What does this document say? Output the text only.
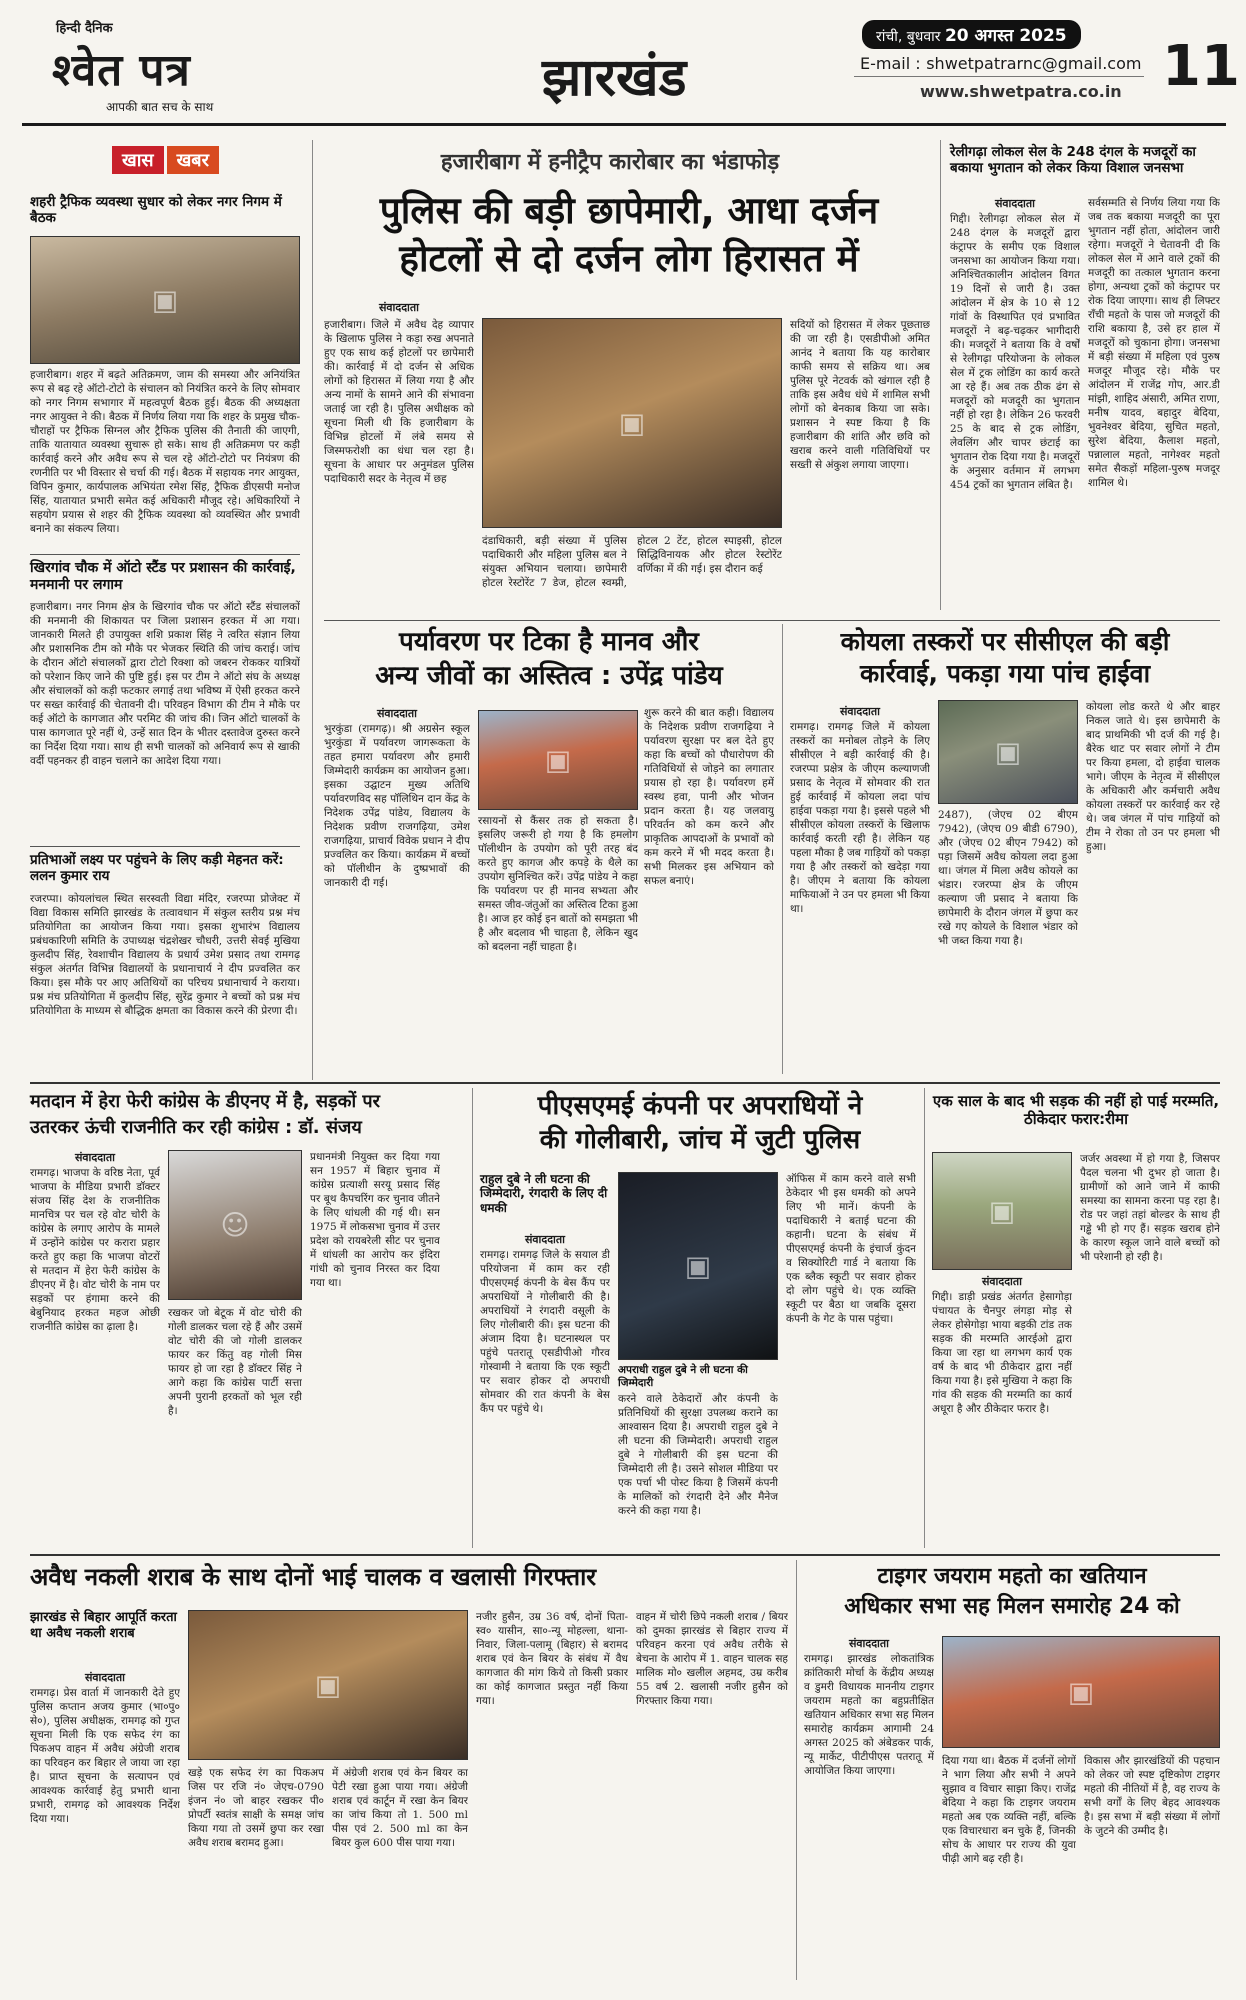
हिन्दी दैनिक
श्वेत पत्र
आपकी बात सच के साथ	झारखंड
रांची, बुधवार 20 अगस्त 2025
E-mail : shwetpatrarnc@gmail.com
www.shwetpatra.co.in 11
खास	खबर
शहरी ट्रैफिक व्यवस्था सुधार को लेकर नगर निगम में बैठक
▣
हजारीबाग। शहर में बढ़ते अतिक्रमण, जाम की समस्या और अनियंत्रित रूप से बढ़ रहे ऑटो-टोटो के संचालन को नियंत्रित करने के लिए सोमवार को नगर निगम सभागार में महत्वपूर्ण बैठक हुई। बैठक की अध्यक्षता नगर आयुक्त ने की। बैठक में निर्णय लिया गया कि शहर के प्रमुख चौक-चौराहों पर ट्रैफिक सिग्नल और ट्रैफिक पुलिस की तैनाती की जाएगी, ताकि यातायात व्यवस्था सुचारू हो सके। साथ ही अतिक्रमण पर कड़ी कार्रवाई करने और अवैध रूप से चल रहे ऑटो-टोटो पर नियंत्रण की रणनीति पर भी विस्तार से चर्चा की गई। बैठक में सहायक नगर आयुक्त, विपिन कुमार, कार्यपालक अभियंता रमेश सिंह, ट्रैफिक डीएसपी मनोज सिंह, यातायात प्रभारी समेत कई अधिकारी मौजूद रहे। अधिकारियों ने सहयोग प्रयास से शहर की ट्रैफिक व्यवस्था को व्यवस्थित और प्रभावी बनाने का संकल्प लिया।
खिरगांव चौक में ऑटो स्टैंड पर प्रशासन की कार्रवाई, मनमानी पर लगाम
हजारीबाग। नगर निगम क्षेत्र के खिरगांव चौक पर ऑटो स्टैंड संचालकों की मनमानी की शिकायत पर जिला प्रशासन हरकत में आ गया। जानकारी मिलते ही उपायुक्त शशि प्रकाश सिंह ने त्वरित संज्ञान लिया और प्रशासनिक टीम को मौके पर भेजकर स्थिति की जांच कराई। जांच के दौरान ऑटो संचालकों द्वारा टोटो रिक्शा को जबरन रोककर यात्रियों को परेशान किए जाने की पुष्टि हुई। इस पर टीम ने ऑटो संघ के अध्यक्ष और संचालकों को कड़ी फटकार लगाई तथा भविष्य में ऐसी हरकत करने पर सख्त कार्रवाई की चेतावनी दी। परिवहन विभाग की टीम ने मौके पर कई ऑटो के कागजात और परमिट की जांच की। जिन ऑटो चालकों के पास कागजात पूरे नहीं थे, उन्हें सात दिन के भीतर दस्तावेज दुरुस्त करने का निर्देश दिया गया। साथ ही सभी चालकों को अनिवार्य रूप से खाकी वर्दी पहनकर ही वाहन चलाने का आदेश दिया गया।
प्रतिभाओं लक्ष्य पर पहुंचने के लिए कड़ी मेहनत करें: ललन कुमार राय
रजरप्पा। कोयलांचल स्थित सरस्वती विद्या मंदिर, रजरप्पा प्रोजेक्ट में विद्या विकास समिति झारखंड के तत्वावधान में संकुल स्तरीय प्रश्न मंच प्रतियोगिता का आयोजन किया गया। इसका शुभारंभ विद्यालय प्रबंधकारिणी समिति के उपाध्यक्ष चंद्रशेखर चौधरी, उत्तरी सेवई मुखिया कुलदीप सिंह, रेवशाचीन विद्यालय के प्रधार्य उमेश प्रसाद तथा रामगढ़ संकुल अंतर्गत विभिन्न विद्यालयों के प्रधानाचार्य ने दीप प्रज्वलित कर किया। इस मौके पर आए अतिथियों का परिचय प्रधानाचार्य ने कराया। प्रश्न मंच प्रतियोगिता में कुलदीप सिंह, सुरेंद्र कुमार ने बच्चों को प्रश्न मंच प्रतियोगिता के माध्यम से बौद्धिक क्षमता का विकास करने की प्रेरणा दी।
हजारीबाग में हनीट्रैप कारोबार का भंडाफोड़
पुलिस की बड़ी छापेमारी, आधा दर्जन
होटलों से दो दर्जन लोग हिरासत में
संवाददाता
हजारीबाग। जिले में अवैध देह व्यापार के खिलाफ पुलिस ने कड़ा रुख अपनाते हुए एक साथ कई होटलों पर छापेमारी की। कार्रवाई में दो दर्जन से अधिक लोगों को हिरासत में लिया गया है और अन्य नामों के सामने आने की संभावना जताई जा रही है। पुलिस अधीक्षक को सूचना मिली थी कि हजारीबाग के विभिन्न होटलों में लंबे समय से जिस्मफरोशी का धंधा चल रहा है। सूचना के आधार पर अनुमंडल पुलिस पदाधिकारी सदर के नेतृत्व में छह
▣
दंडाधिकारी, बड़ी संख्या में पुलिस पदाधिकारी और महिला पुलिस बल ने संयुक्त अभियान चलाया। छापेमारी होटल रेस्टोरेंट 7 डेज, होटल स्वम्प्नी, होटल 2 टेंट, होटल स्पाइसी, होटल सिद्धिविनायक और होटल रेस्टोरेंट वर्णिका में की गई। इस दौरान कई
सदियों को हिरासत में लेकर पूछताछ की जा रही है। एसडीपीओ अमित आनंद ने बताया कि यह कारोबार काफी समय से सक्रिय था। अब पुलिस पूरे नेटवर्क को खंगाल रही है ताकि इस अवैध धंधे में शामिल सभी लोगों को बेनकाब किया जा सके। प्रशासन ने स्पष्ट किया है कि हजारीबाग की शांति और छवि को खराब करने वाली गतिविधियों पर सख्ती से अंकुश लगाया जाएगा।
रेलीगढ़ा लोकल सेल के 248 दंगल के मजदूरों का बकाया भुगतान को लेकर किया विशाल जनसभा
संवाददाता
गिद्दी। रेलीगढ़ा लोकल सेल में 248 दंगल के मजदूरों द्वारा कंट्रापर के समीप एक विशाल जनसभा का आयोजन किया गया। अनिश्चितकालीन आंदोलन विगत 19 दिनों से जारी है। उक्त आंदोलन में क्षेत्र के 10 से 12 गांवों के विस्थापित एवं प्रभावित मजदूरों ने बढ़-चढ़कर भागीदारी की। मजदूरों ने बताया कि वे वर्षों से रेलीगढ़ा परियोजना के लोकल सेल में ट्रक लोडिंग का कार्य करते आ रहे हैं। अब तक ठीक ढंग से मजदूरों को मजदूरी का भुगतान नहीं हो रहा है। लेकिन 26 फरवरी 25 के बाद से ट्रक लोडिंग, लेवलिंग और चापर छंटाई का भुगतान रोक दिया गया है। मजदूरों के अनुसार वर्तमान में लगभग 454 ट्रकों का भुगतान लंबित है।
सर्वसम्मति से निर्णय लिया गया कि जब तक बकाया मजदूरी का पूरा भुगतान नहीं होता, आंदोलन जारी रहेगा। मजदूरों ने चेतावनी दी कि लोकल सेल में आने वाले ट्रकों की मजदूरी का तत्काल भुगतान करना होगा, अन्यथा ट्रकों को कंट्रापर पर रोक दिया जाएगा। साथ ही लिफ्टर राँची महतो के पास जो मजदूरों की राशि बकाया है, उसे हर हाल में मजदूरों को चुकाना होगा। जनसभा में बड़ी संख्या में महिला एवं पुरुष मजदूर मौजूद रहे। मौके पर आंदोलन में राजेंद्र गोप, आर.डी मांझी, शाहिद अंसारी, अमित राणा, मनीष यादव, बहादुर बेदिया, भुवनेश्वर बेदिया, सुचित महतो, सुरेश बेदिया, कैलाश महतो, पन्नालाल महतो, नागेश्वर महतो समेत सैकड़ों महिला-पुरुष मजदूर शामिल थे।
पर्यावरण पर टिका है मानव और
अन्य जीवों का अस्तित्व : उपेंद्र पांडेय
संवाददाता
भुरकुंडा (रामगढ़)। श्री अग्रसेन स्कूल भुरकुंडा में पर्यावरण जागरूकता के तहत हमारा पर्यावरण और हमारी जिम्मेदारी कार्यक्रम का आयोजन हुआ। इसका उद्घाटन मुख्य अतिथि पर्यावरणविद सह पॉलिथिन दान केंद्र के निदेशक उपेंद्र पांडेय, विद्यालय के निदेशक प्रवीण राजगढ़िया, उमेश राजगढ़िया, प्राचार्य विवेक प्रधान ने दीप प्रज्वलित कर किया। कार्यक्रम में बच्चों को पॉलीथीन के दुष्प्रभावों की जानकारी दी गई।
▣
रसायनों से कैंसर तक हो सकता है। इसलिए जरूरी हो गया है कि हमलोग पॉलीथीन के उपयोग को पूरी तरह बंद करते हुए कागज और कपड़े के थैले का उपयोग सुनिश्चित करें। उपेंद्र पांडेय ने कहा कि पर्यावरण पर ही मानव सभ्यता और समस्त जीव-जंतुओं का अस्तित्व टिका हुआ है। आज हर कोई इन बातों को समझता भी है और बदलाव भी चाहता है, लेकिन खुद को बदलना नहीं चाहता है।
शुरू करने की बात कही। विद्यालय के निदेशक प्रवीण राजगढ़िया ने पर्यावरण सुरक्षा पर बल देते हुए कहा कि बच्चों को पौधारोपण की गतिविधियों से जोड़ने का लगातार प्रयास हो रहा है। पर्यावरण हमें स्वस्थ हवा, पानी और भोजन प्रदान करता है। यह जलवायु परिवर्तन को कम करने और प्राकृतिक आपदाओं के प्रभावों को कम करने में भी मदद करता है। सभी मिलकर इस अभियान को सफल बनाएं।
कोयला तस्करों पर सीसीएल की बड़ी
कार्रवाई, पकड़ा गया पांच हाईवा
संवाददाता
रामगढ़। रामगढ़ जिले में कोयला तस्करों का मनोबल तोड़ने के लिए सीसीएल ने बड़ी कार्रवाई की है। रजरप्पा प्रक्षेत्र के जीएम कल्याणजी प्रसाद के नेतृत्व में सोमवार की रात हुई कार्रवाई में कोयला लदा पांच हाईवा पकड़ा गया है। इससे पहले भी सीसीएल कोयला तस्करों के खिलाफ कार्रवाई करती रही है। लेकिन यह पहला मौका है जब गाड़ियों को पकड़ा गया है और तस्करों को खदेड़ा गया है। जीएम ने बताया कि कोयला माफियाओं ने उन पर हमला भी किया था।
▣
2487), (जेएच 02 बीएम 7942), (जेएच 09 बीडी 6790), और (जेएच 02 बीएन 7942) को पड़ा जिसमें अवैध कोयला लदा हुआ था। जंगल में मिला अवैध कोयले का भंडार। रजरप्पा क्षेत्र के जीएम कल्याण जी प्रसाद ने बताया कि छापेमारी के दौरान जंगल में छुपा कर रखे गए कोयले के विशाल भंडार को भी जब्त किया गया है।
कोयला लोड करते थे और बाहर निकल जाते थे। इस छापेमारी के बाद प्राथमिकी भी दर्ज की गई है। बैरेक थाट पर सवार लोगों ने टीम पर किया हमला, दो हाईवा चालक भागे। जीएम के नेतृत्व में सीसीएल के अधिकारी और कर्मचारी अवैध कोयला तस्करों पर कार्रवाई कर रहे थे। जब जंगल में पांच गाड़ियों को टीम ने रोका तो उन पर हमला भी हुआ।
मतदान में हेरा फेरी कांग्रेस के डीएनए में है, सड़कों पर
उतरकर ऊंची राजनीति कर रही कांग्रेस : डॉ. संजय
संवाददाता
रामगढ़। भाजपा के वरिष्ठ नेता, पूर्व भाजपा के मीडिया प्रभारी डॉक्टर संजय सिंह देश के राजनीतिक मानचित्र पर चल रहे वोट चोरी के कांग्रेस के लगाए आरोप के मामले में उन्होंने कांग्रेस पर करारा प्रहार करते हुए कहा कि भाजपा वोटरों से मतदान में हेरा फेरी कांग्रेस के डीएनए में है। वोट चोरी के नाम पर सड़कों पर हंगामा करने की बेबुनियाद हरकत महज ओछी राजनीति कांग्रेस का ढ़ाला है।
☺
रखकर जो बेटूक में वोट चोरी की गोली डालकर चला रहे हैं और उसमें वोट चोरी की जो गोली डालकर फायर कर किंतु वह गोली मिस फायर हो जा रहा है डॉक्टर सिंह ने आगे कहा कि कांग्रेस पार्टी सत्ता अपनी पुरानी हरकतों को भूल रही है।
प्रधानमंत्री नियुक्त कर दिया गया सन 1957 में बिहार चुनाव में कांग्रेस प्रत्याशी सरयू प्रसाद सिंह पर बूथ कैपचरिंग कर चुनाव जीतने के लिए धांधली की गई थी। सन 1975 में लोकसभा चुनाव में उत्तर प्रदेश को रायबरेली सीट पर चुनाव में धांधली का आरोप कर इंदिरा गांधी को चुनाव निरस्त कर दिया गया था।
पीएसएमई कंपनी पर अपराधियों ने
की गोलीबारी, जांच में जुटी पुलिस
राहुल दुबे ने ली घटना की जिम्मेदारी, रंगदारी के लिए दी धमकी
संवाददाता
रामगढ़। रामगढ़ जिले के सयाल डी परियोजना में काम कर रही पीएसएमई कंपनी के बेस कैंप पर अपराधियों ने गोलीबारी की है। अपराधियों ने रंगदारी वसूली के लिए गोलीबारी की। इस घटना की अंजाम दिया है। घटनास्थल पर पहुंचे पतरातू एसडीपीओ गौरव गोस्वामी ने बताया कि एक स्कूटी पर सवार होकर दो अपराधी सोमवार की रात कंपनी के बेस कैंप पर पहुंचे थे।
▣
अपराधी राहुल दुबे ने ली घटना की जिम्मेदारी
करने वाले ठेकेदारों और कंपनी के प्रतिनिधियों की सुरक्षा उपलब्ध कराने का आश्वासन दिया है। अपराधी राहुल दुबे ने ली घटना की जिम्मेदारी। अपराधी राहुल दुबे ने गोलीबारी की इस घटना की जिम्मेदारी ली है। उसने सोशल मीडिया पर एक पर्चा भी पोस्ट किया है जिसमें कंपनी के मालिकों को रंगदारी देने और मैनेज करने की कहा गया है।
ऑफिस में काम करने वाले सभी ठेकेदार भी इस धमकी को अपने लिए भी मानें। कंपनी के पदाधिकारी ने बताई घटना की कहानी। घटना के संबंध में पीएसएमई कंपनी के इंचार्ज कुंदन व सिक्योरिटी गार्ड ने बताया कि एक ब्लैक स्कूटी पर सवार होकर दो लोग पहुंचे थे। एक व्यक्ति स्कूटी पर बैठा था जबकि दूसरा कंपनी के गेट के पास पहुंचा।
एक साल के बाद भी सड़क की नहीं हो पाई मरम्मति, ठीकेदार फरार:रीमा
▣
संवाददाता
गिद्दी। डाड़ी प्रखंड अंतर्गत हेसागोड़ा पंचायत के चैनपुर लंगड़ा मोड़ से लेकर होसेगोड़ा भाया बड़की टांड तक सड़क की मरम्मति आरईओ द्वारा किया जा रहा था लगभग कार्य एक वर्ष के बाद भी ठीकेदार द्वारा नहीं किया गया है। इसे मुखिया ने कहा कि गांव की सड़क की मरम्मति का कार्य अधूरा है और ठीकेदार फरार है।
जर्जर अवस्था में हो गया है, जिसपर पैदल चलना भी दुभर हो जाता है। ग्रामीणों को आने जाने में काफी समस्या का सामना करना पड़ रहा है। रोड पर जहां तहां बोल्डर के साथ ही गड्ढे भी हो गए हैं। सड़क खराब होने के कारण स्कूल जाने वाले बच्चों को भी परेशानी हो रही है।
अवैध नकली शराब के साथ दोनों भाई चालक व खलासी गिरफ्तार
झारखंड से बिहार आपूर्ति करता था अवैध नकली शराब
संवाददाता
रामगढ़। प्रेस वार्ता में जानकारी देते हुए पुलिस कप्तान अजय कुमार (भा०पु० से०), पुलिस अधीक्षक, रामगढ़ को गुप्त सूचना मिली कि एक सफेद रंग का पिकअप वाहन में अवैध अंग्रेजी शराब का परिवहन कर बिहार ले जाया जा रहा है। प्राप्त सूचना के सत्यापन एवं आवश्यक कार्रवाई हेतु प्रभारी थाना प्रभारी, रामगढ़ को आवश्यक निर्देश दिया गया।
▣
खड़े एक सफेद रंग का पिकअप जिस पर रजि नं० जेएच-0790 इंजन नं० जो बाहर रखकर पी० प्रोपर्टी स्वतंत्र साक्षी के समक्ष जांच किया गया तो उसमें छुपा कर रखा अवैध शराब बरामद हुआ।
में अंग्रेजी शराब एवं केन बियर का पेटी रखा हुआ पाया गया। अंग्रेजी शराब एवं कार्टून में रखा केन बियर का जांच किया तो 1. 500 ml पीस एवं 2. 500 ml का केन बियर कुल 600 पीस पाया गया।
नजीर हुसैन, उम्र 36 वर्ष, दोनों पिता-स्व० यासीन, सा०-न्यू मोहल्ला, थाना-निवार, जिला-पलामू (बिहार) से बरामद शराब एवं केन बियर के संबंध में वैध कागजात की मांग किये तो किसी प्रकार का कोई कागजात प्रस्तुत नहीं किया गया।
वाहन में चोरी छिपे नकली शराब / बियर को दुमका झारखंड से बिहार राज्य में परिवहन करना एवं अवैध तरीके से बेचना के आरोप में 1. वाहन चालक सह मालिक मो० खलील अहमद, उम्र करीब 55 वर्ष 2. खलासी नजीर हुसैन को गिरफ्तार किया गया।
टाइगर जयराम महतो का खतियान
अधिकार सभा सह मिलन समारोह 24 को
संवाददाता
रामगढ़। झारखंड लोकतांत्रिक क्रांतिकारी मोर्चा के केंद्रीय अध्यक्ष व डुमरी विधायक माननीय टाइगर जयराम महतो का बहुप्रतीक्षित खतियान अधिकार सभा सह मिलन समारोह कार्यक्रम आगामी 24 अगस्त 2025 को अंबेडकर पार्क, न्यू मार्केट, पीटीपीएस पतरातू में आयोजित किया जाएगा।
▣
दिया गया था। बैठक में दर्जनों लोगों ने भाग लिया और सभी ने अपने सुझाव व विचार साझा किए। राजेंद्र बेदिया ने कहा कि टाइगर जयराम महतो अब एक व्यक्ति नहीं, बल्कि एक विचारधारा बन चुके हैं, जिनकी सोच के आधार पर राज्य की युवा पीढ़ी आगे बढ़ रही है।
विकास और झारखंडियों की पहचान को लेकर जो स्पष्ट दृष्टिकोण टाइगर महतो की नीतियों में है, वह राज्य के सभी वर्गों के लिए बेहद आवश्यक है। इस सभा में बड़ी संख्या में लोगों के जुटने की उम्मीद है।
